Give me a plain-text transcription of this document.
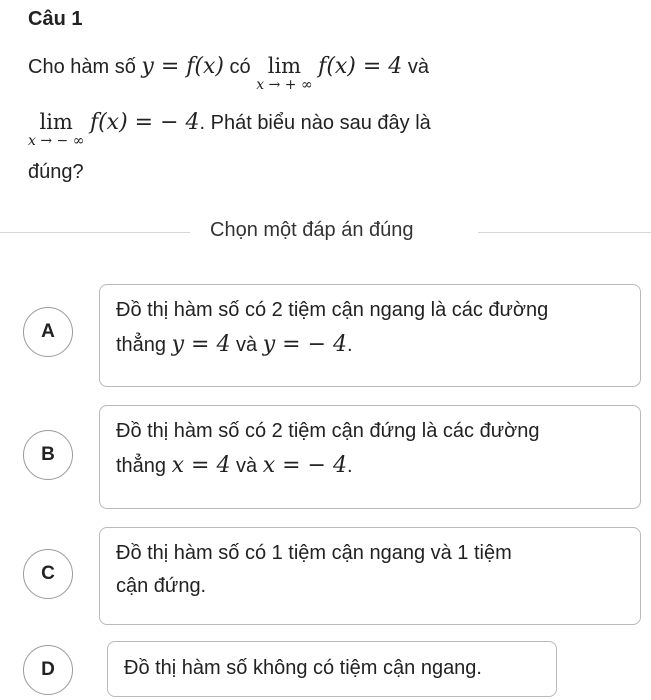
Câu 1
Cho hàm số y = f(x) có lim
x → + ∞
f(x) = 4 và
lim
x → − ∞
f(x) = − 4. Phát biểu nào sau đây là
đúng?
Chọn một đáp án đúng
A
Đồ thị hàm số có 2 tiệm cận ngang là các đường
thẳng y = 4 và y = − 4.
B
Đồ thị hàm số có 2 tiệm cận đứng là các đường
thẳng x = 4 và x = − 4.
C
Đồ thị hàm số có 1 tiệm cận ngang và 1 tiệm
cận đứng.
D	Đồ thị hàm số không có tiệm cận ngang.
